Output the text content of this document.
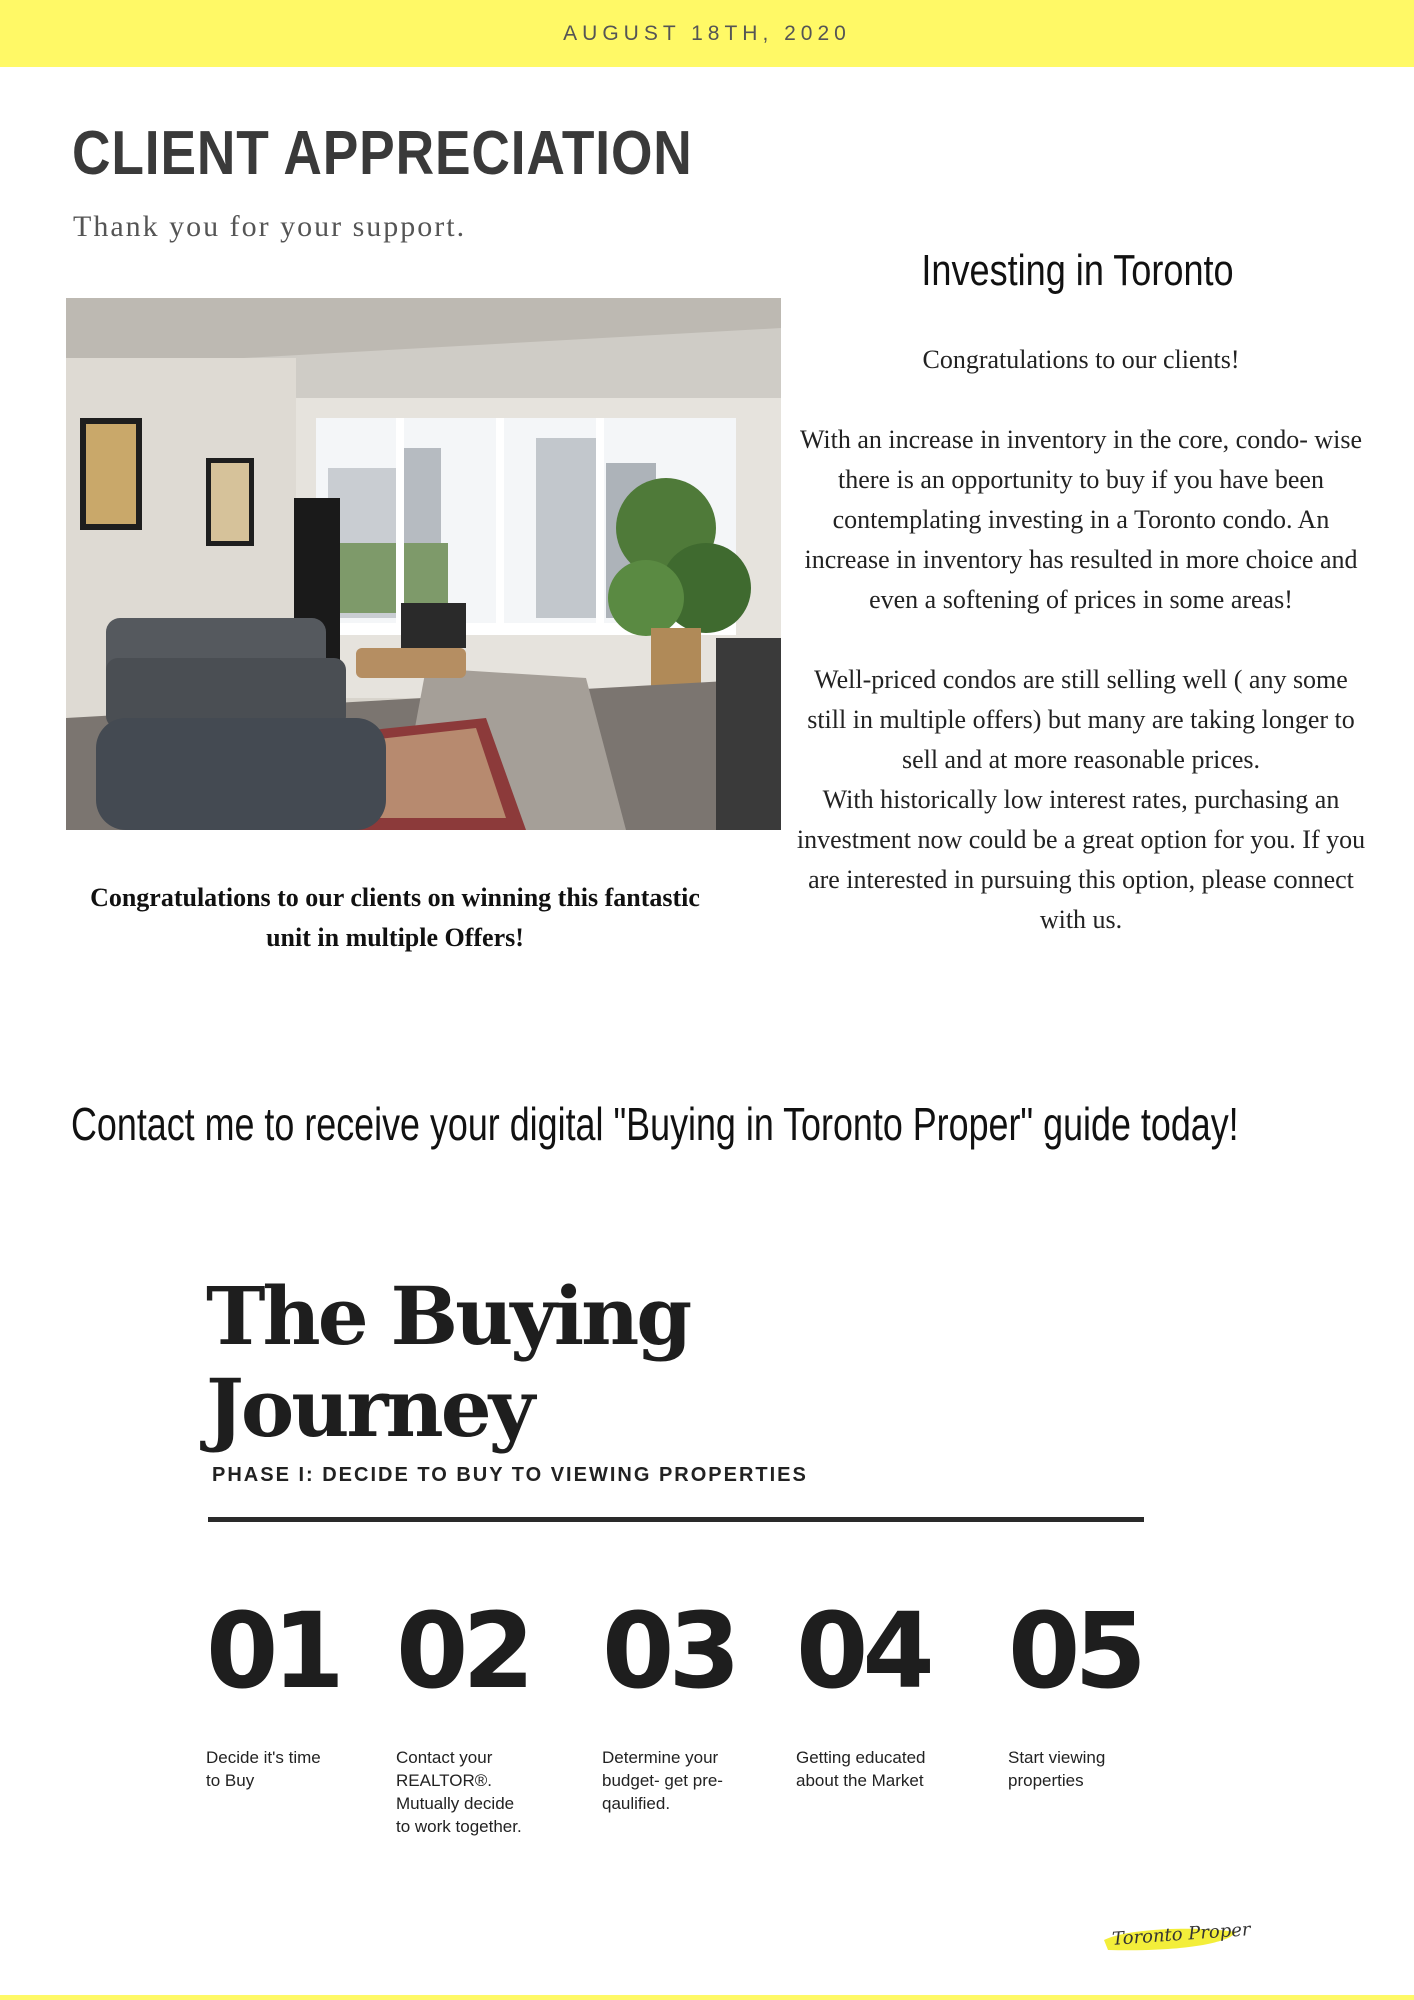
AUGUST 18TH, 2020
CLIENT APPRECIATION
Thank you for your support.
Congratulations to our clients on winning this fantastic unit in multiple Offers!
Investing in Toronto

Congratulations to our clients!

With an increase in inventory in the core, condo- wise there is an opportunity to buy if you have been contemplating investing in a Toronto condo. An increase in inventory has resulted in more choice and even a softening of prices in some areas!

Well-priced condos are still selling well ( any some still in multiple offers) but many are taking longer to sell and at more reasonable prices.

With historically low interest rates, purchasing an investment now could be a great option for you. If you are interested in pursuing this option, please connect with us.

Contact me to receive your digital "Buying in Toronto Proper" guide today!
The Buying
Journey
PHASE I: DECIDE TO BUY TO VIEWING PROPERTIES
01
Decide it's time to Buy
02
Contact your REALTOR®. Mutually decide to work together.
03
Determine your budget- get pre-qaulified.
04
Getting educated about the Market
05
Start viewing properties
Toronto Proper
